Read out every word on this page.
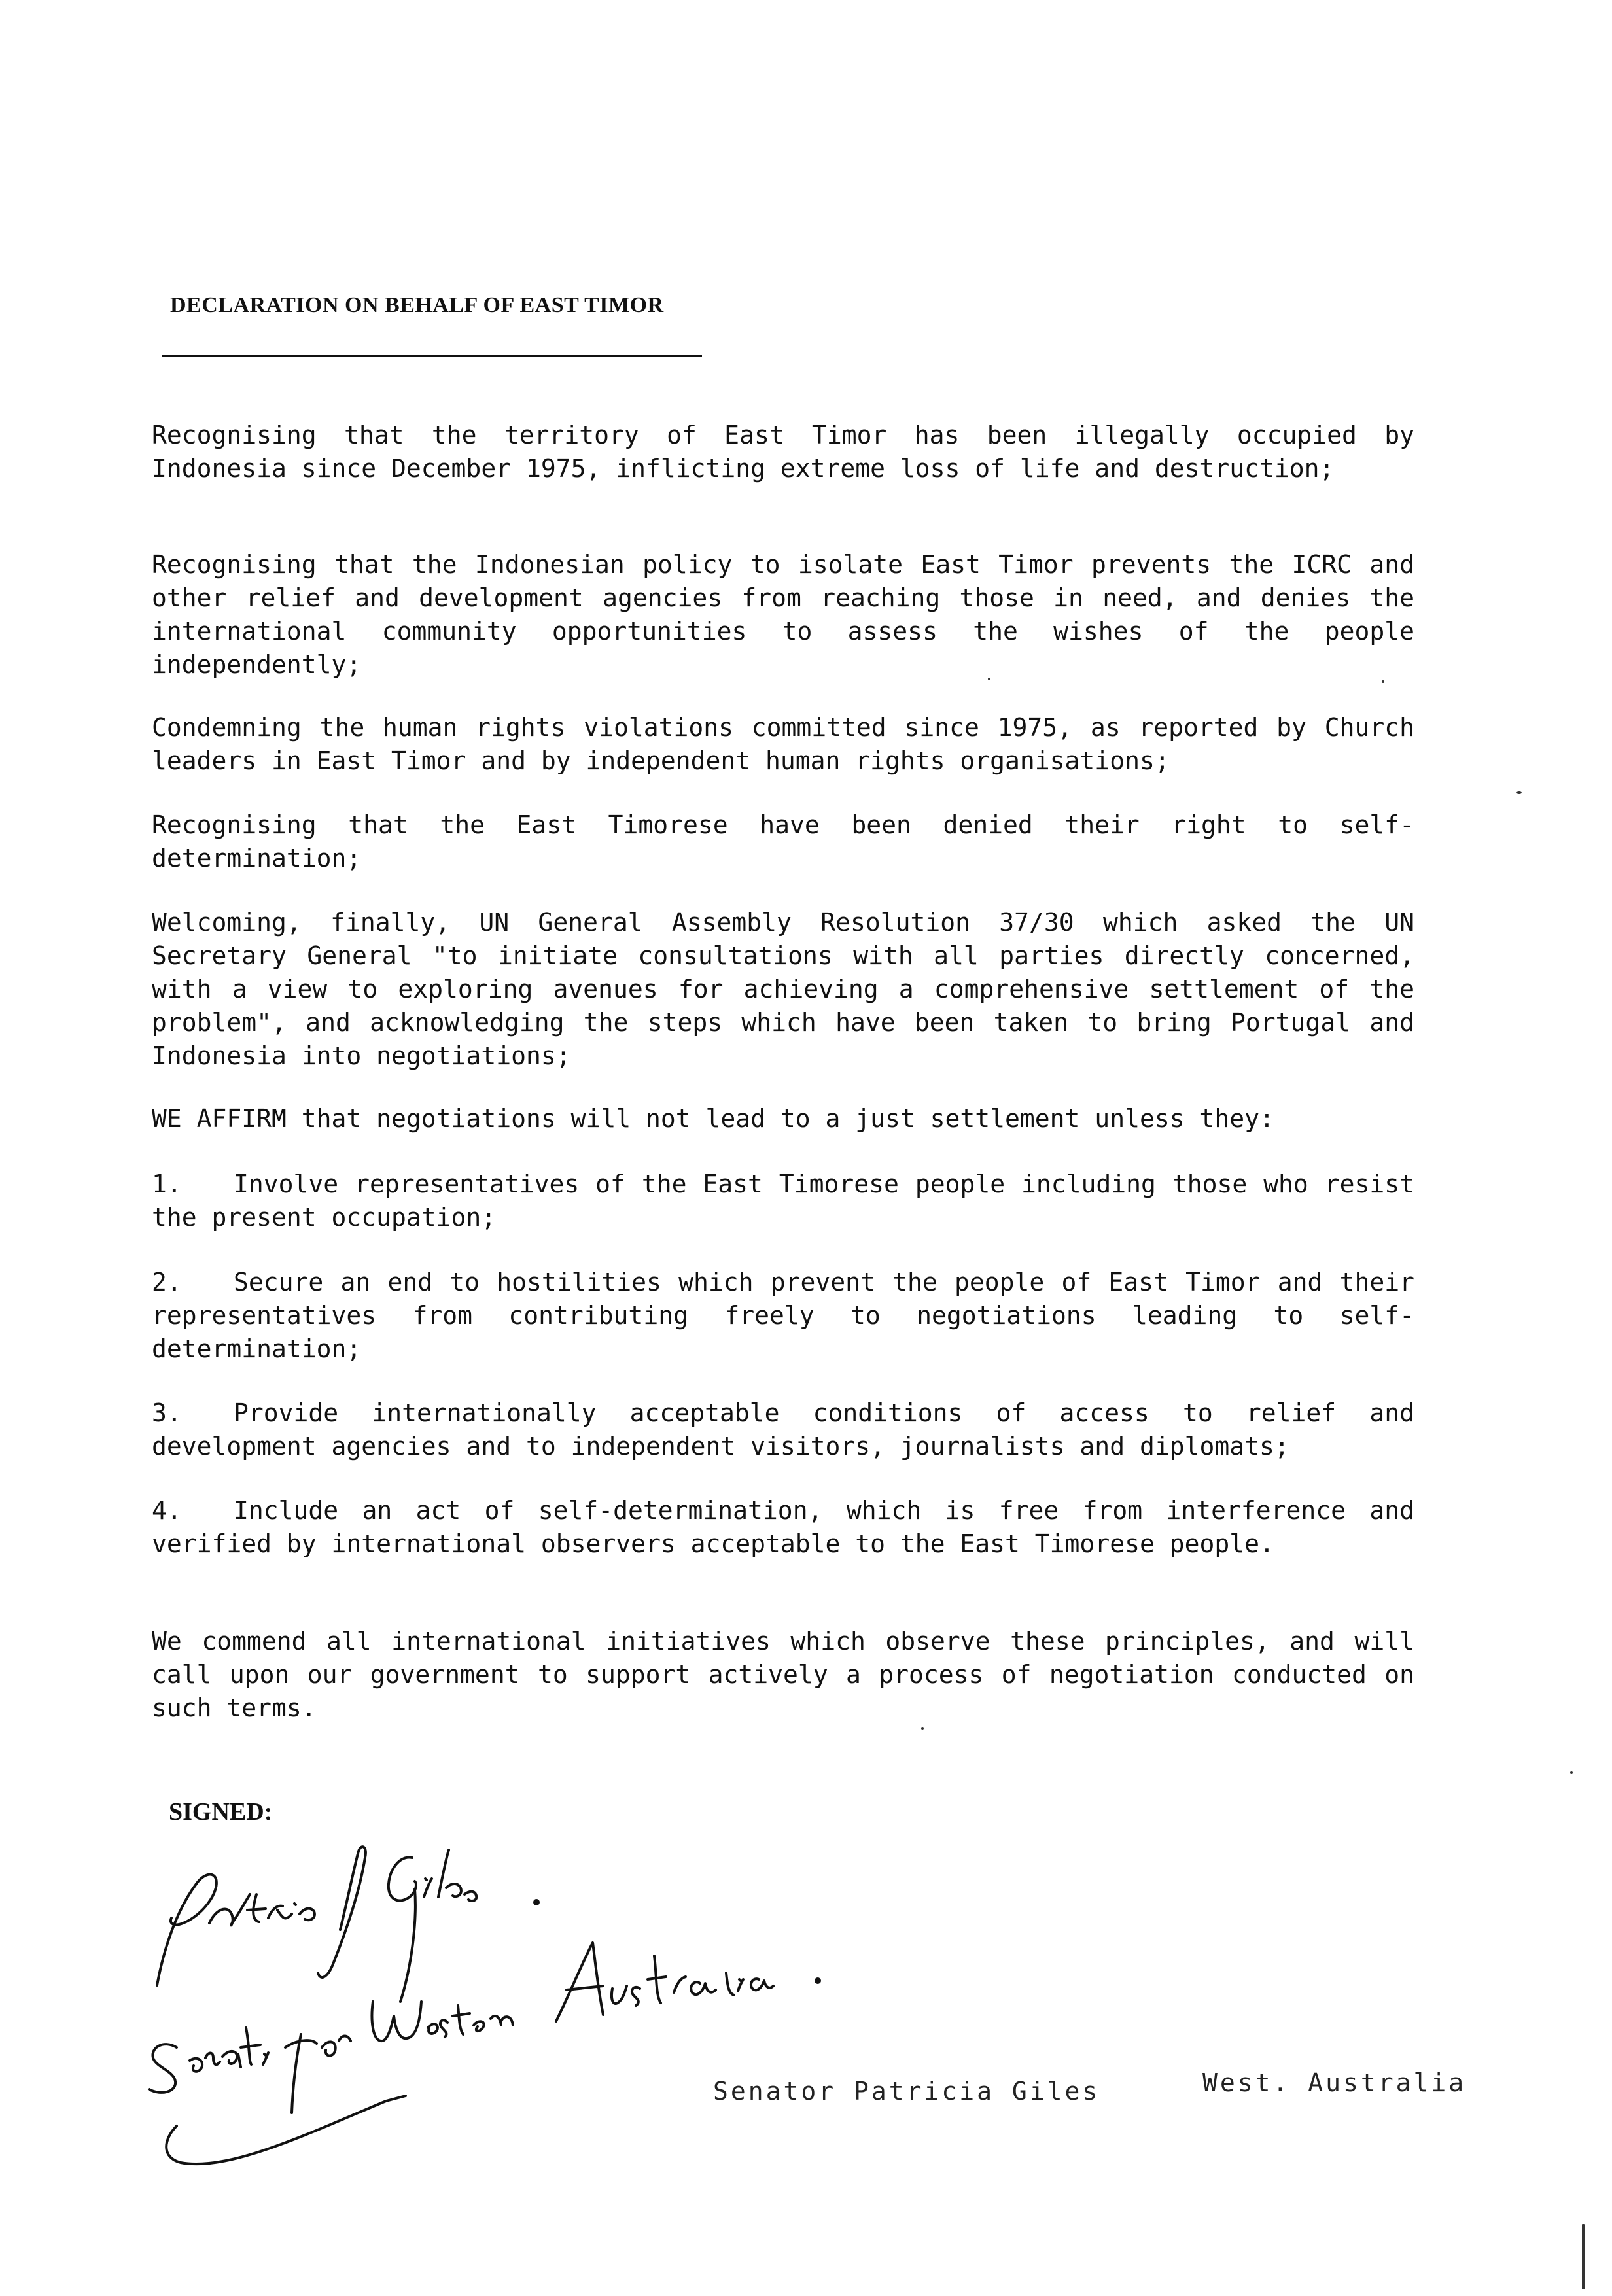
DECLARATION ON BEHALF OF EAST TIMOR

Recognising that the territory of East Timor has been illegally occupied by Indonesia since December 1975, inflicting extreme loss of life and destruction;

Recognising that the Indonesian policy to isolate East Timor prevents the ICRC and other relief and development agencies from reaching those in need, and denies the international community opportunities to assess the wishes of the people independently;

Condemning the human rights violations committed since 1975, as reported by Church leaders in East Timor and by independent human rights organisations;

Recognising that the East Timorese have been denied their right to self-determination;

Welcoming, finally, UN General Assembly Resolution 37/30 which asked the UN Secretary General "to initiate consultations with all parties directly concerned, with a view to exploring avenues for achieving a comprehensive settlement of the problem", and acknowledging the steps which have been taken to bring Portugal and Indonesia into negotiations;

WE AFFIRM that negotiations will not lead to a just settlement unless they:

1. Involve representatives of the East Timorese people including those who resist the present occupation;

2. Secure an end to hostilities which prevent the people of East Timor and their representatives from contributing freely to negotiations leading to self-determination;

3. Provide internationally acceptable conditions of access to relief and development agencies and to independent visitors, journalists and diplomats;

4. Include an act of self-determination, which is free from interference and verified by international observers acceptable to the East Timorese people.

We commend all international initiatives which observe these principles, and will call upon our government to support actively a process of negotiation conducted on such terms.

SIGNED:
Senator Patricia Giles	West. Australia
